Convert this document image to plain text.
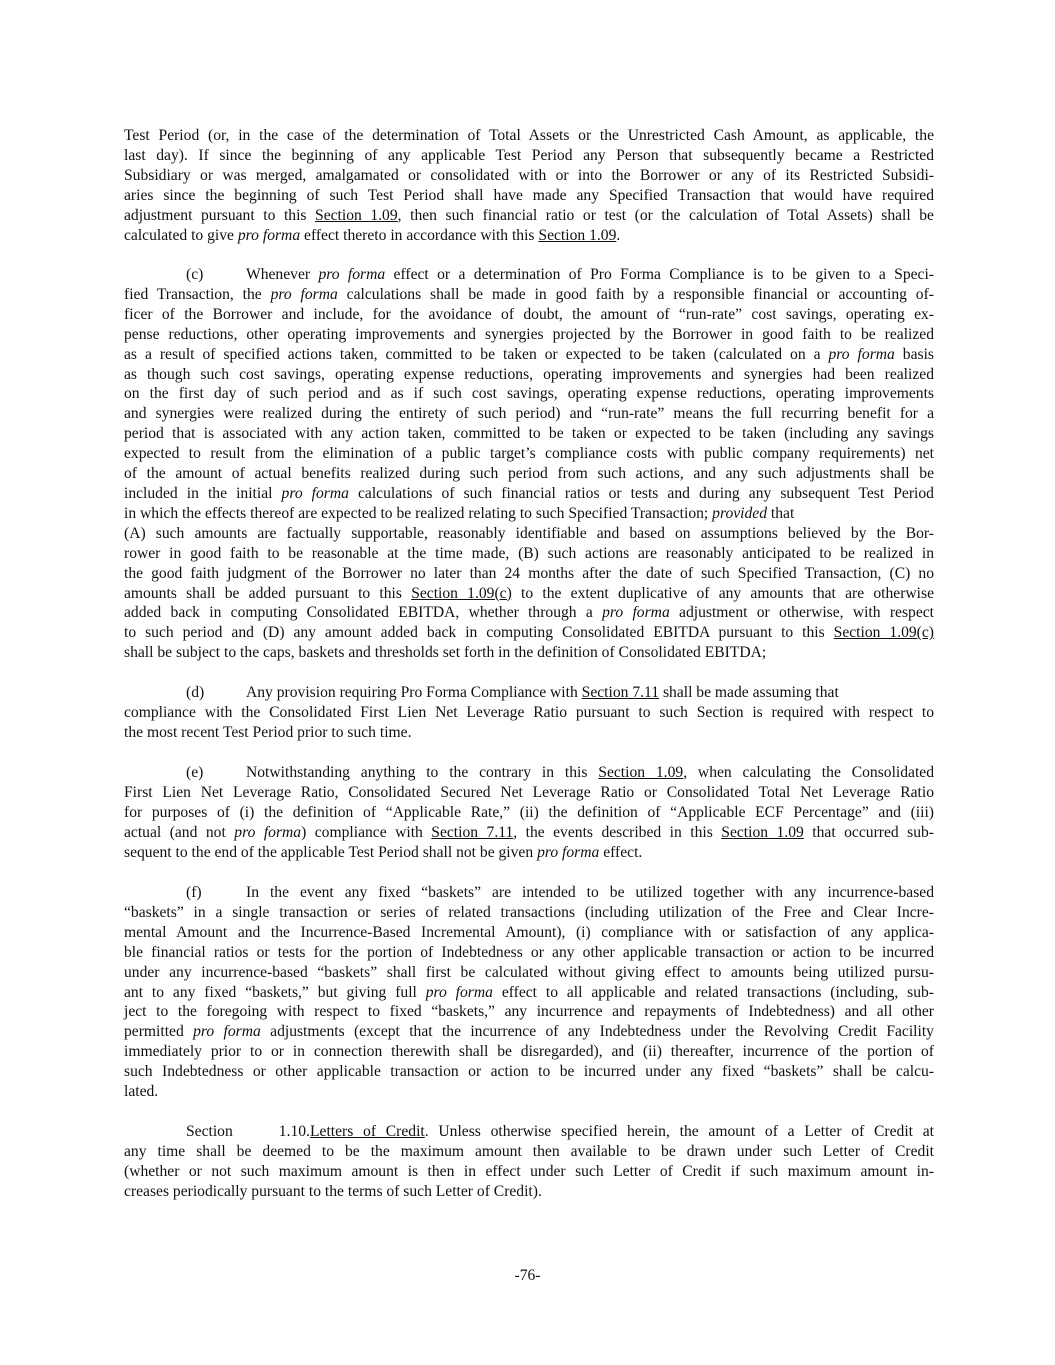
Test Period (or, in the case of the determination of Total Assets or the Unrestricted Cash Amount, as applicable, the
last day). If since the beginning of any applicable Test Period any Person that subsequently became a Restricted
Subsidiary or was merged, amalgamated or consolidated with or into the Borrower or any of its Restricted Subsidi-
aries since the beginning of such Test Period shall have made any Specified Transaction that would have required
adjustment pursuant to this Section 1.09, then such financial ratio or test (or the calculation of Total Assets) shall be
calculated to give pro forma effect thereto in accordance with this Section 1.09.

(c)	Whenever pro forma effect or a determination of Pro Forma Compliance is to be given to a Speci-
fied Transaction, the pro forma calculations shall be made in good faith by a responsible financial or accounting of-
ficer of the Borrower and include, for the avoidance of doubt, the amount of “run-rate” cost savings, operating ex-
pense reductions, other operating improvements and synergies projected by the Borrower in good faith to be realized
as a result of specified actions taken, committed to be taken or expected to be taken (calculated on a pro forma basis
as though such cost savings, operating expense reductions, operating improvements and synergies had been realized
on the first day of such period and as if such cost savings, operating expense reductions, operating improvements
and synergies were realized during the entirety of such period) and “run-rate” means the full recurring benefit for a
period that is associated with any action taken, committed to be taken or expected to be taken (including any savings
expected to result from the elimination of a public target’s compliance costs with public company requirements) net
of the amount of actual benefits realized during such period from such actions, and any such adjustments shall be
included in the initial pro forma calculations of such financial ratios or tests and during any subsequent Test Period
in which the effects thereof are expected to be realized relating to such Specified Transaction; provided that
(A) such amounts are factually supportable, reasonably identifiable and based on assumptions believed by the Bor-
rower in good faith to be reasonable at the time made, (B) such actions are reasonably anticipated to be realized in
the good faith judgment of the Borrower no later than 24 months after the date of such Specified Transaction, (C) no
amounts shall be added pursuant to this Section 1.09(c) to the extent duplicative of any amounts that are otherwise
added back in computing Consolidated EBITDA, whether through a pro forma adjustment or otherwise, with respect
to such period and (D) any amount added back in computing Consolidated EBITDA pursuant to this Section 1.09(c)
shall be subject to the caps, baskets and thresholds set forth in the definition of Consolidated EBITDA;

(d)	Any provision requiring Pro Forma Compliance with Section 7.11 shall be made assuming that
compliance with the Consolidated First Lien Net Leverage Ratio pursuant to such Section is required with respect to
the most recent Test Period prior to such time.

(e)	Notwithstanding anything to the contrary in this Section 1.09, when calculating the Consolidated
First Lien Net Leverage Ratio, Consolidated Secured Net Leverage Ratio or Consolidated Total Net Leverage Ratio
for purposes of (i) the definition of “Applicable Rate,” (ii) the definition of “Applicable ECF Percentage” and (iii)
actual (and not pro forma) compliance with Section 7.11, the events described in this Section 1.09 that occurred sub-
sequent to the end of the applicable Test Period shall not be given pro forma effect.

(f)	In the event any fixed “baskets” are intended to be utilized together with any incurrence-based
“baskets” in a single transaction or series of related transactions (including utilization of the Free and Clear Incre-
mental Amount and the Incurrence-Based Incremental Amount), (i) compliance with or satisfaction of any applica-
ble financial ratios or tests for the portion of Indebtedness or any other applicable transaction or action to be incurred
under any incurrence-based “baskets” shall first be calculated without giving effect to amounts being utilized pursu-
ant to any fixed “baskets,” but giving full pro forma effect to all applicable and related transactions (including, sub-
ject to the foregoing with respect to fixed “baskets,” any incurrence and repayments of Indebtedness) and all other
permitted pro forma adjustments (except that the incurrence of any Indebtedness under the Revolving Credit Facility
immediately prior to or in connection therewith shall be disregarded), and (ii) thereafter, incurrence of the portion of
such Indebtedness or other applicable transaction or action to be incurred under any fixed “baskets” shall be calcu-
lated.

Section 1.10.Letters of Credit. Unless otherwise specified herein, the amount of a Letter of Credit at
any time shall be deemed to be the maximum amount then available to be drawn under such Letter of Credit
(whether or not such maximum amount is then in effect under such Letter of Credit if such maximum amount in-
creases periodically pursuant to the terms of such Letter of Credit).

-76-
